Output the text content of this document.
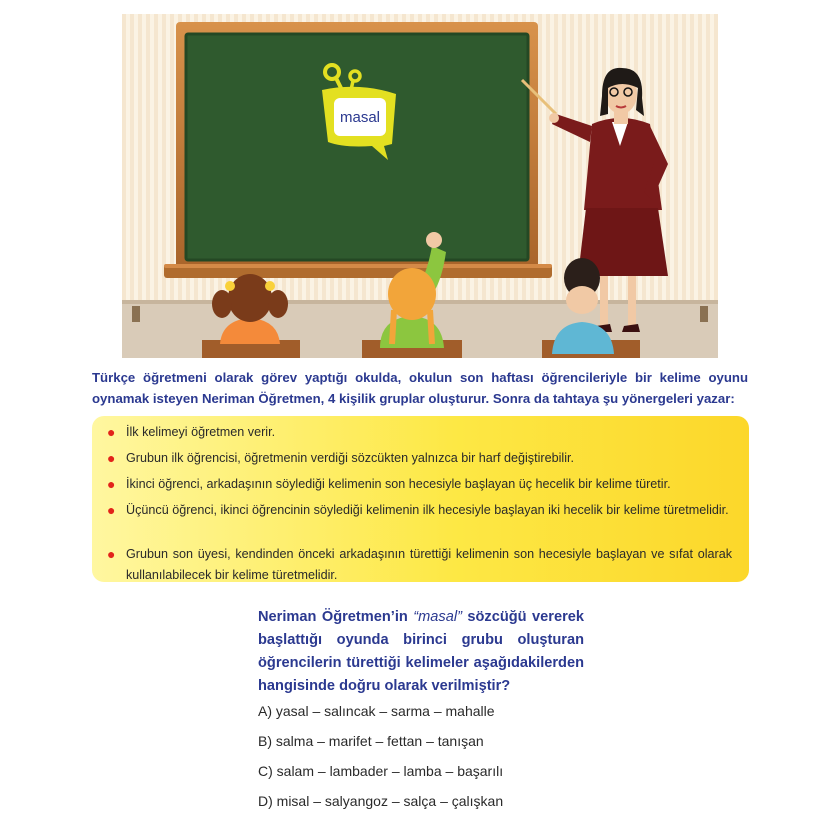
masal

Türkçe öğretmeni olarak görev yaptığı okulda, okulun son haftası öğrencileriyle bir kelime oyunu oynamak isteyen Neriman Öğretmen, 4 kişilik gruplar oluşturur. Sonra da tahtaya şu yönergeleri yazar:

● İlk kelimeyi öğretmen verir.
● Grubun ilk öğrencisi, öğretmenin verdiği sözcükten yalnızca bir harf değiştirebilir.
● İkinci öğrenci, arkadaşının söylediği kelimenin son hecesiyle başlayan üç hecelik bir kelime türetir.
● Üçüncü öğrenci, ikinci öğrencinin söylediği kelimenin ilk hecesiyle başlayan iki hecelik bir kelime türetmelidir.
● Grubun son üyesi, kendinden önceki arkadaşının türettiği kelimenin son hecesiyle başlayan ve sıfat olarak kullanılabilecek bir kelime türetmelidir.

Neriman Öğretmen’in “masal” sözcüğü vererek başlattığı oyunda birinci grubu oluşturan öğrencilerin türettiği kelimeler aşağıdakilerden hangisinde doğru olarak verilmiştir?

A) yasal – salıncak – sarma – mahalle
B) salma – marifet – fettan – tanışan
C) salam – lambader – lamba – başarılı
D) misal – salyangoz – salça – çalışkan
